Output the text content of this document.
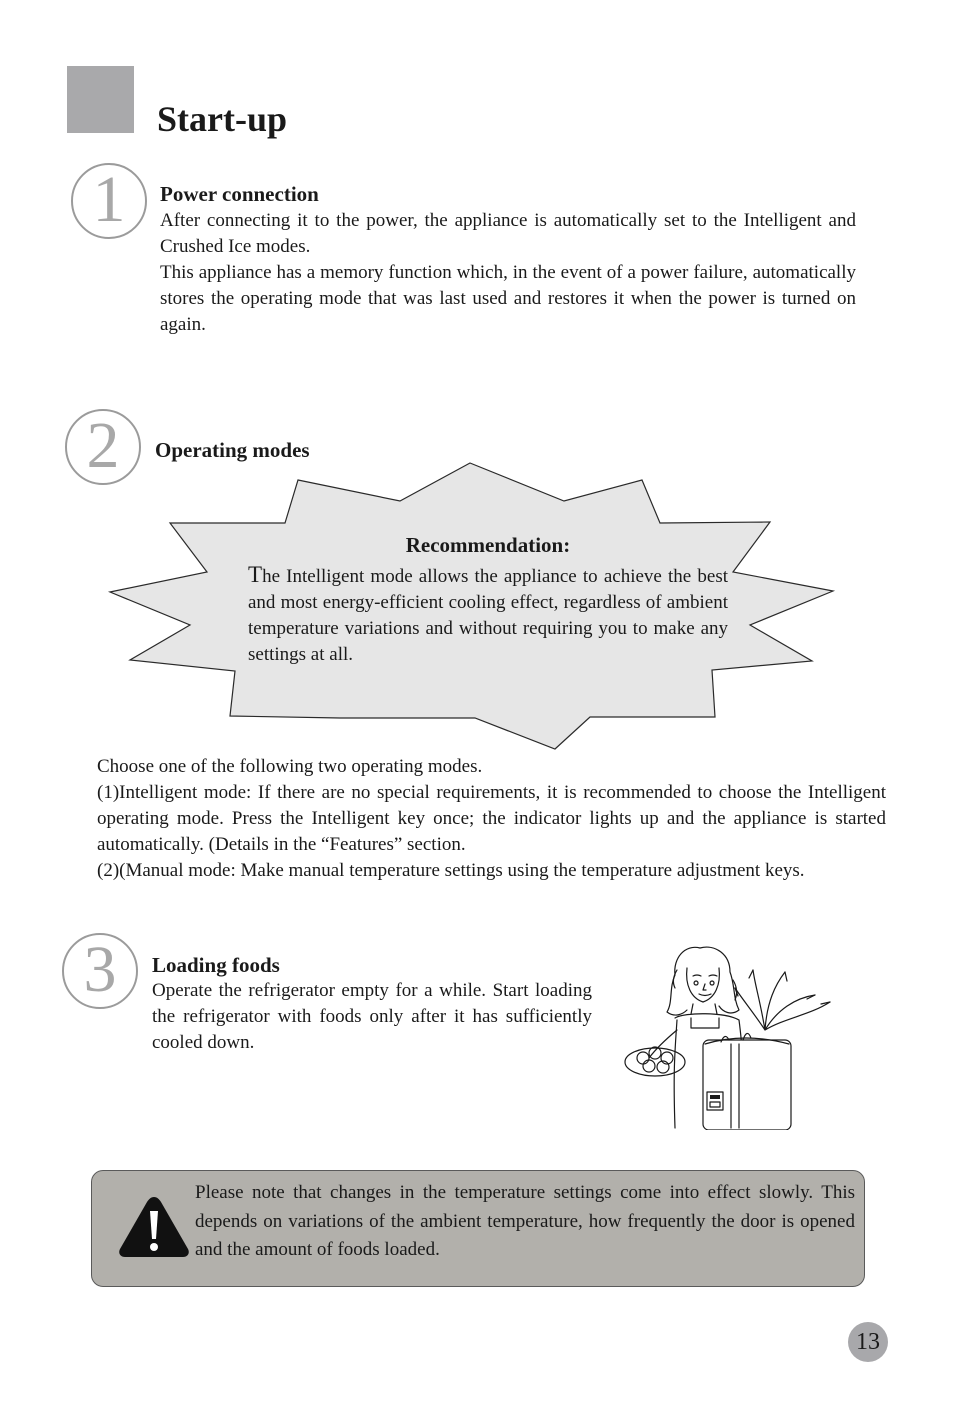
Start-up
1	Power connection

After connecting it to the power, the appliance is automatically set to the Intelligent and Crushed Ice modes.

This appliance has a memory function which, in the event of a power failure, automatically stores the operating mode that was last used and restores it when the power is turned on again.

2	Operating modes
Recommendation:
The Intelligent mode allows the appliance to achieve the best and most energy-efficient cooling effect, regardless of ambient temperature variations and without requiring you to make any settings at all.

Choose one of the following two operating modes.

(1)Intelligent mode: If there are no special requirements, it is recommended to choose the Intelligent operating mode. Press the Intelligent key once; the indicator lights up and the appliance is started automatically. (Details in the “Features” section.

(2)(Manual mode: Make manual temperature settings using the temperature adjustment keys.

3	Loading foods

Operate the refrigerator empty for a while. Start loading the refrigerator with foods only after it has sufficiently cooled down.

Please note that changes in the temperature settings come into effect slowly. This depends on variations of the ambient temperature, how frequently the door is opened and the amount of foods loaded.

13
